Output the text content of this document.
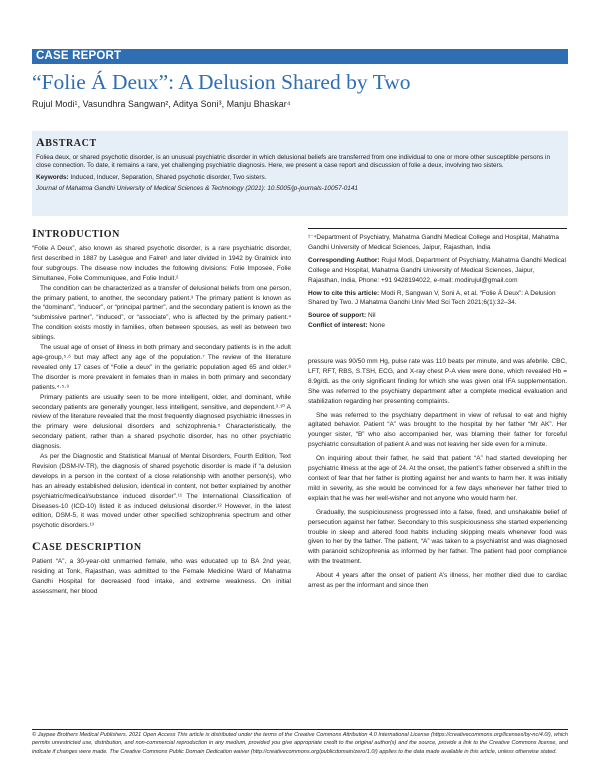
CASE REPORT
“Folie Á Deux”: A Delusion Shared by Two
Rujul Modi¹, Vasundhra Sangwan², Aditya Soni³, Manju Bhaskar⁴
ABSTRACT
Foliea deux, or shared psychotic disorder, is an unusual psychiatric disorder in which delusional beliefs are transferred from one individual to one or more other susceptible persons in close connection. To date, it remains a rare, yet challenging psychiatric diagnosis. Here, we present a case report and discussion of folie a deux, involving two sisters.
Keywords: Induced, Inducer, Separation, Shared psychotic disorder, Two sisters.
Journal of Mahatma Gandhi University of Medical Sciences & Technology (2021): 10.5005/jp-journals-10057-0141
INTRODUCTION

“Folie A Deux”, also known as shared psychotic disorder, is a rare psychiatric disorder, first described in 1887 by Lasègue and Falret¹ and later divided in 1942 by Gralnick into four subgroups. The disease now includes the following divisions: Folie Imposee, Folie Simultanee, Folie Communiquee, and Folie Induit.²

The condition can be characterized as a transfer of delusional beliefs from one person, the primary patient, to another, the secondary patient.³ The primary patient is known as the “dominant”, “inducer”, or “principal partner”, and the secondary patient is known as the “submissive partner”, “induced”, or “associate”, who is affected by the primary patient.⁴ The condition exists mostly in families, often between spouses, as well as between two siblings.

The usual age of onset of illness in both primary and secondary patients is in the adult age-group,⁵·⁶ but may affect any age of the population.⁷ The review of the literature revealed only 17 cases of “Folie a deux” in the geriatric population aged 65 and older.⁸ The disorder is more prevalent in females than in males in both primary and secondary patients.⁴·⁵·⁹

Primary patients are usually seen to be more intelligent, older, and dominant, while secondary patients are generally younger, less intelligent, sensitive, and dependent.³·¹⁰ A review of the literature revealed that the most frequently diagnosed psychiatric illnesses in the primary were delusional disorders and schizophrenia.⁵ Characteristically, the secondary patient, rather than a shared psychotic disorder, has no other psychiatric diagnosis.

As per the Diagnostic and Statistical Manual of Mental Disorders, Fourth Edition, Text Revision (DSM-IV-TR), the diagnosis of shared psychotic disorder is made if “a delusion develops in a person in the context of a close relationship with another person(s), who has an already established delusion, identical in content, not better explained by another psychiatric/medical/substance induced disorder”.¹¹ The International Classification of Diseases-10 (ICD-10) listed it as induced delusional disorder.¹² However, in the latest edition, DSM-5, it was moved under other specified schizophrenia spectrum and other psychotic disorders.¹³

CASE DESCRIPTION

Patient “A”, a 30-year-old unmarried female, who was educated up to BA 2nd year, residing at Tonk, Rajasthan, was admitted to the Female Medicine Ward of Mahatma Gandhi Hospital for decreased food intake, and extreme weakness. On initial assessment, her blood

¹⁻⁴Department of Psychiatry, Mahatma Gandhi Medical College and Hospital, Mahatma Gandhi University of Medical Sciences, Jaipur, Rajasthan, India
Corresponding Author: Rujul Modi, Department of Psychiatry, Mahatma Gandhi Medical College and Hospital, Mahatma Gandhi University of Medical Sciences, Jaipur, Rajasthan, India, Phone: +91 9428194022, e-mail: modirujul@gmail.com
How to cite this article: Modi R, Sangwan V, Soni A, et al. “Folie Á Deux”: A Delusion Shared by Two. J Mahatma Gandhi Univ Med Sci Tech 2021;6(1):32–34.
Source of support: Nil
Conflict of interest: None

pressure was 90/50 mm Hg, pulse rate was 110 beats per minute, and was afebrile. CBC, LFT, RFT, RBS, S.TSH, ECG, and X-ray chest P-A view were done, which revealed Hb = 8.9g/dL as the only significant finding for which she was given oral IFA supplementation. She was referred to the psychiatry department after a complete medical evaluation and stabilization regarding her presenting complaints.

She was referred to the psychiatry department in view of refusal to eat and highly agitated behavior. Patient “A” was brought to the hospital by her father “Mr AK”. Her younger sister, “B” who also accompanied her, was blaming their father for forceful psychiatric consultation of patient A and was not leaving her side even for a minute.

On inquiring about their father, he said that patient “A” had started developing her psychiatric illness at the age of 24. At the onset, the patient’s father observed a shift in the context of fear that her father is plotting against her and wants to harm her. It was initially mild in severity, as she would be convinced for a few days whenever her father tried to explain that he was her well-wisher and not anyone who would harm her.

Gradually, the suspiciousness progressed into a false, fixed, and unshakable belief of persecution against her father. Secondary to this suspiciousness she started experiencing trouble in sleep and altered food habits including skipping meals whenever food was given to her by the father. The patient, “A” was taken to a psychiatrist and was diagnosed with paranoid schizophrenia as informed by her father. The patient had poor compliance with the treatment.

About 4 years after the onset of patient A’s illness, her mother died due to cardiac arrest as per the informant and since then

© Jaypee Brothers Medical Publishers. 2021 Open Access This article is distributed under the terms of the Creative Commons Attribution 4.0 International License (https://creativecommons.org/licenses/by-nc/4.0/), which permits unrestricted use, distribution, and non-commercial reproduction in any medium, provided you give appropriate credit to the original author(s) and the source, provide a link to the Creative Commons license, and indicate if changes were made. The Creative Commons Public Domain Dedication waiver (http://creativecommons.org/publicdomain/zero/1.0/) applies to the data made available in this article, unless otherwise stated.
